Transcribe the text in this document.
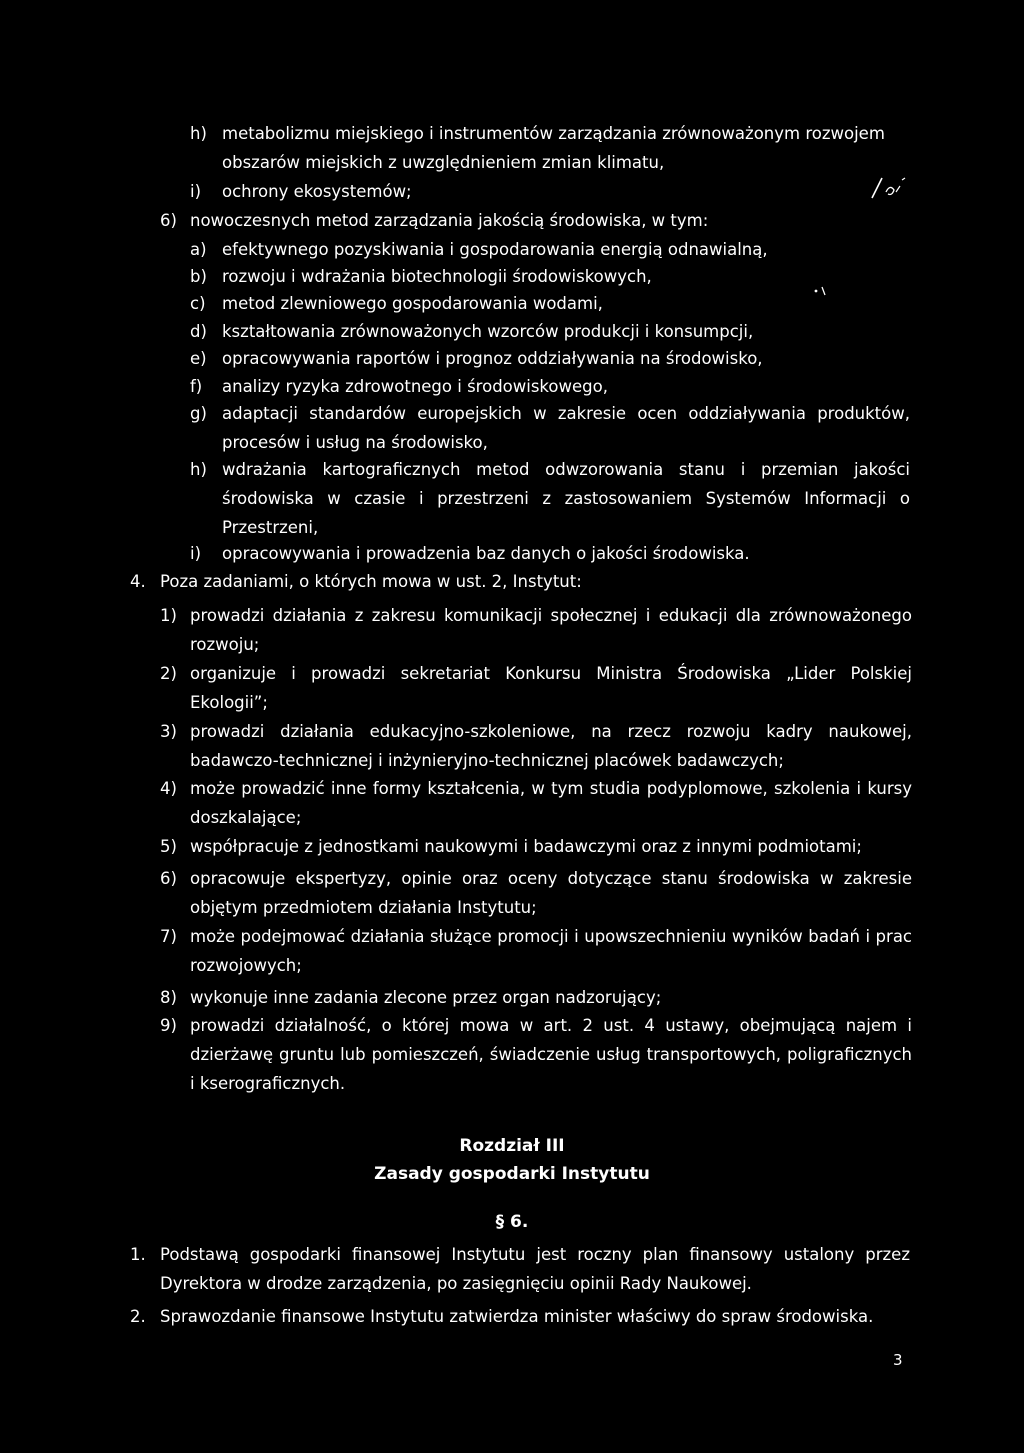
h) metabolizmu miejskiego i instrumentów zarządzania zrównoważonym rozwojem obszarów miejskich z uwzględnieniem zmian klimatu,
i) ochrony ekosystemów;
6) nowoczesnych metod zarządzania jakością środowiska, w tym:
a) efektywnego pozyskiwania i gospodarowania energią odnawialną,
b) rozwoju i wdrażania biotechnologii środowiskowych,
c) metod zlewniowego gospodarowania wodami,
d) kształtowania zrównoważonych wzorców produkcji i konsumpcji,
e) opracowywania raportów i prognoz oddziaływania na środowisko,
f) analizy ryzyka zdrowotnego i środowiskowego,
g) adaptacji standardów europejskich w zakresie ocen oddziaływania produktów, procesów i usług na środowisko,
h) wdrażania kartograficznych metod odwzorowania stanu i przemian jakości środowiska w czasie i przestrzeni z zastosowaniem Systemów Informacji o Przestrzeni,
i) opracowywania i prowadzenia baz danych o jakości środowiska.
4. Poza zadaniami, o których mowa w ust. 2, Instytut:
1) prowadzi działania z zakresu komunikacji społecznej i edukacji dla zrównoważonego rozwoju;
2) organizuje i prowadzi sekretariat Konkursu Ministra Środowiska „Lider Polskiej Ekologii”;
3) prowadzi działania edukacyjno-szkoleniowe, na rzecz rozwoju kadry naukowej, badawczo-technicznej i inżynieryjno-technicznej placówek badawczych;
4) może prowadzić inne formy kształcenia, w tym studia podyplomowe, szkolenia i kursy doszkalające;
5) współpracuje z jednostkami naukowymi i badawczymi oraz z innymi podmiotami;
6) opracowuje ekspertyzy, opinie oraz oceny dotyczące stanu środowiska w zakresie objętym przedmiotem działania Instytutu;
7) może podejmować działania służące promocji i upowszechnieniu wyników badań i prac rozwojowych;
8) wykonuje inne zadania zlecone przez organ nadzorujący;
9) prowadzi działalność, o której mowa w art. 2 ust. 4 ustawy, obejmującą najem i dzierżawę gruntu lub pomieszczeń, świadczenie usług transportowych, poligraficznych i kserograficznych.
Rozdział III
Zasady gospodarki Instytutu
§ 6.
1. Podstawą gospodarki finansowej Instytutu jest roczny plan finansowy ustalony przez Dyrektora w drodze zarządzenia, po zasięgnięciu opinii Rady Naukowej.
2. Sprawozdanie finansowe Instytutu zatwierdza minister właściwy do spraw środowiska.
3
